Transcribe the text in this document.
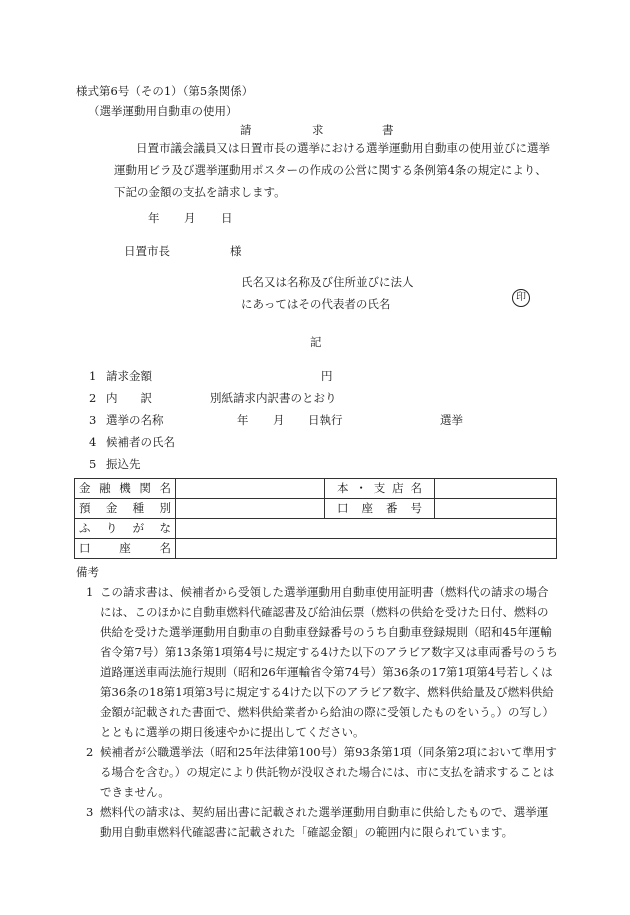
様式第6号（その1）（第5条関係）
（選挙運動用自動車の使用）
請	求	書
日置市議会議員又は日置市長の選挙における選挙運動用自動車の使用並びに選挙運動用ビラ及び選挙運動用ポスターの作成の公営に関する条例第4条の規定により、下記の金額の支払を請求します。
年 月 日
日置市長	様
氏名又は名称及び住所並びに法人
にあってはその代表者の氏名	印
記
1 請求金額	円
2 内　　訳	別紙請求内訳書のとおり
3 選挙の名称	年 月 日執行	選挙
4 候補者の氏名
5 振込先
金融機関名		本・支店名	
預金種別		口座番号	
ふりがな			
口座名			
備考
1 この請求書は、候補者から受領した選挙運動用自動車使用証明書（燃料代の請求の場合には、このほかに自動車燃料代確認書及び給油伝票（燃料の供給を受けた日付、燃料の供給を受けた選挙運動用自動車の自動車登録番号のうち自動車登録規則（昭和45年運輸省令第7号）第13条第1項第4号に規定する4けた以下のアラビア数字又は車両番号のうち道路運送車両法施行規則（昭和26年運輸省令第74号）第36条の17第1項第4号若しくは第36条の18第1項第3号に規定する4けた以下のアラビア数字、燃料供給量及び燃料供給金額が記載された書面で、燃料供給業者から給油の際に受領したものをいう。）の写し）とともに選挙の期日後速やかに提出してください。
2 候補者が公職選挙法（昭和25年法律第100号）第93条第1項（同条第2項において準用する場合を含む。）の規定により供託物が没収された場合には、市に支払を請求することはできません。
3 燃料代の請求は、契約届出書に記載された選挙運動用自動車に供給したもので、選挙運動用自動車燃料代確認書に記載された「確認金額」の範囲内に限られています。
